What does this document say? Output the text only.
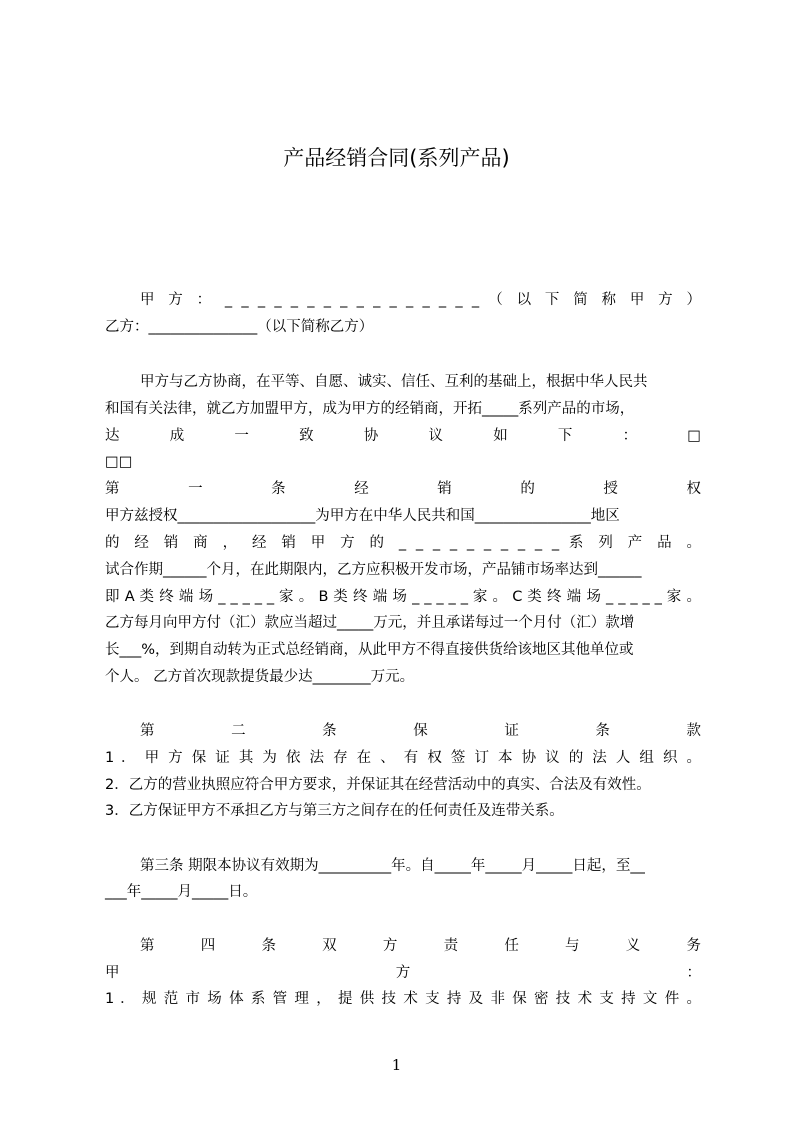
产品经销合同(系列产品)
甲 方 ： _ _ _ _ _ _ _ _ _ _ _ _ _ _ _ _ （ 以 下 简 称 甲 方 ）
乙方：_______________（以下简称乙方）
甲方与乙方协商，在平等、自愿、诚实、信任、互利的基础上，根据中华人民共
和国有关法律，就乙方加盟甲方，成为甲方的经销商，开拓_____系列产品的市场，
达 成 一 致 协 议 如 下 ： □
□□
第 一 条 经 销 的 授 权
甲方兹授权___________________为甲方在中华人民共和国________________地区
的 经 销 商 ， 经 销 甲 方 的 _ _ _ _ _ _ _ _ _ _ 系 列 产 品 。
试合作期______个月，在此期限内，乙方应积极开发市场，产品铺市场率达到______
即 A 类 终 端 场 _ _ _ _ _ 家 。 B 类 终 端 场 _ _ _ _ _ 家 。 C 类 终 端 场 _ _ _ _ _ 家 。
乙方每月向甲方付（汇）款应当超过_____万元，并且承诺每过一个月付（汇）款增
长___%，到期自动转为正式总经销商，从此甲方不得直接供货给该地区其他单位或
个人。 乙方首次现款提货最少达________万元。
第 二 条 保 证 条 款
1 ． 甲 方 保 证 其 为 依 法 存 在 、 有 权 签 订 本 协 议 的 法 人 组 织 。
2．乙方的营业执照应符合甲方要求，并保证其在经营活动中的真实、合法及有效性。
3．乙方保证甲方不承担乙方与第三方之间存在的任何责任及连带关系。
第三条 期限本协议有效期为__________年。自_____年_____月_____日起，至__
___年_____月_____日。
第 四 条 双 方 责 任 与 义 务
甲 方 ：
1 ． 规 范 市 场 体 系 管 理 ， 提 供 技 术 支 持 及 非 保 密 技 术 支 持 文 件 。
1
